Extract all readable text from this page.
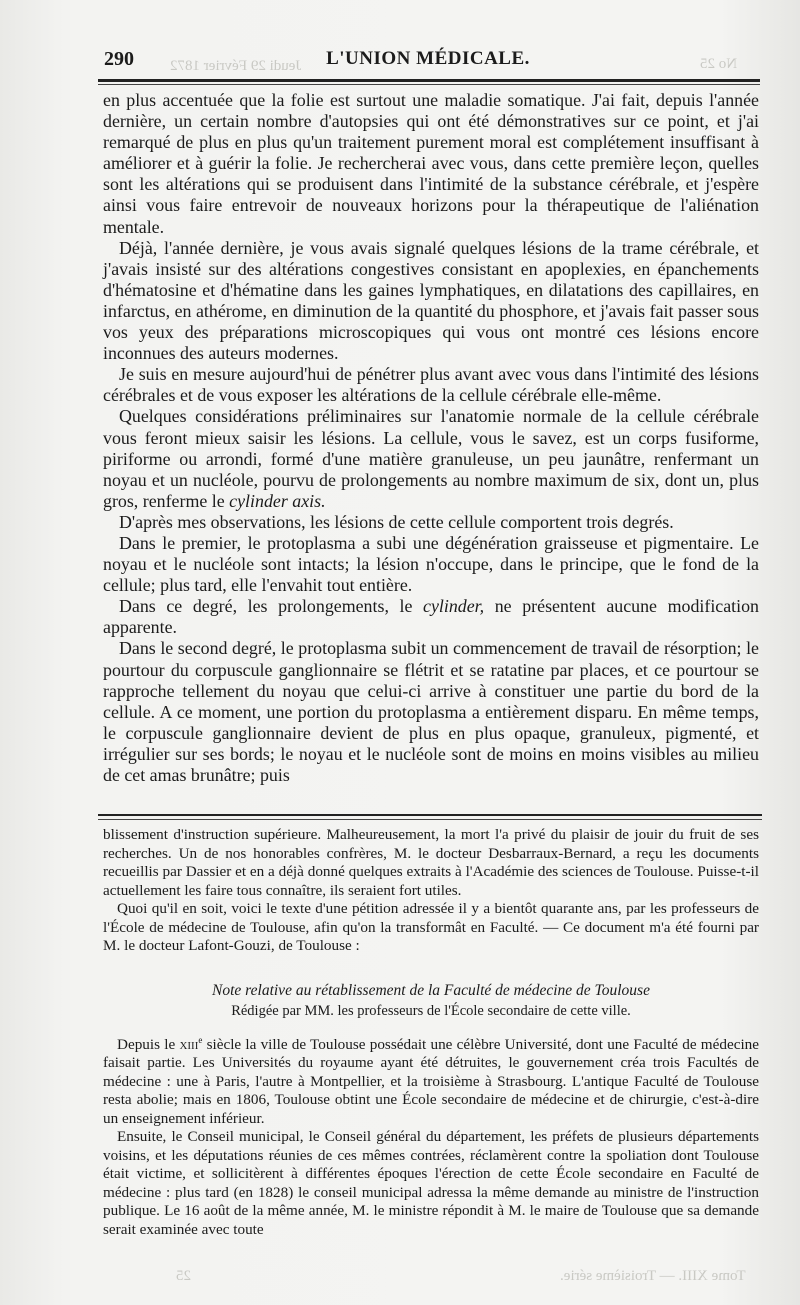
Jeudi 29 Février 1872	No 25
Tome XIII. — Troisième série.
25
290	L'UNION MÉDICALE.

en plus accentuée que la folie est surtout une maladie somatique. J'ai fait, depuis l'année dernière, un certain nombre d'autopsies qui ont été démonstratives sur ce point, et j'ai remarqué de plus en plus qu'un traitement purement moral est complétement insuffisant à améliorer et à guérir la folie. Je rechercherai avec vous, dans cette première leçon, quelles sont les altérations qui se produisent dans l'intimité de la substance cérébrale, et j'espère ainsi vous faire entrevoir de nouveaux horizons pour la thérapeutique de l'aliénation mentale.

Déjà, l'année dernière, je vous avais signalé quelques lésions de la trame cérébrale, et j'avais insisté sur des altérations congestives consistant en apoplexies, en épanchements d'hématosine et d'hématine dans les gaines lymphatiques, en dilatations des capillaires, en infarctus, en athérome, en diminution de la quantité du phosphore, et j'avais fait passer sous vos yeux des préparations microscopiques qui vous ont montré ces lésions encore inconnues des auteurs modernes.

Je suis en mesure aujourd'hui de pénétrer plus avant avec vous dans l'intimité des lésions cérébrales et de vous exposer les altérations de la cellule cérébrale elle-même.

Quelques considérations préliminaires sur l'anatomie normale de la cellule cérébrale vous feront mieux saisir les lésions. La cellule, vous le savez, est un corps fusiforme, piriforme ou arrondi, formé d'une matière granuleuse, un peu jaunâtre, renfermant un noyau et un nucléole, pourvu de prolongements au nombre maximum de six, dont un, plus gros, renferme le cylinder axis.

D'après mes observations, les lésions de cette cellule comportent trois degrés.

Dans le premier, le protoplasma a subi une dégénération graisseuse et pigmentaire. Le noyau et le nucléole sont intacts; la lésion n'occupe, dans le principe, que le fond de la cellule; plus tard, elle l'envahit tout entière.

Dans ce degré, les prolongements, le cylinder, ne présentent aucune modification apparente.

Dans le second degré, le protoplasma subit un commencement de travail de résorption; le pourtour du corpuscule ganglionnaire se flétrit et se ratatine par places, et ce pourtour se rapproche tellement du noyau que celui-ci arrive à constituer une partie du bord de la cellule. A ce moment, une portion du protoplasma a entièrement disparu. En même temps, le corpuscule ganglionnaire devient de plus en plus opaque, granuleux, pigmenté, et irrégulier sur ses bords; le noyau et le nucléole sont de moins en moins visibles au milieu de cet amas brunâtre; puis

blissement d'instruction supérieure. Malheureusement, la mort l'a privé du plaisir de jouir du fruit de ses recherches. Un de nos honorables confrères, M. le docteur Desbarraux-Bernard, a reçu les documents recueillis par Dassier et en a déjà donné quelques extraits à l'Académie des sciences de Toulouse. Puisse-t-il actuellement les faire tous connaître, ils seraient fort utiles.

Quoi qu'il en soit, voici le texte d'une pétition adressée il y a bientôt quarante ans, par les professeurs de l'École de médecine de Toulouse, afin qu'on la transformât en Faculté. — Ce document m'a été fourni par M. le docteur Lafont-Gouzi, de Toulouse :

Note relative au rétablissement de la Faculté de médecine de Toulouse

Rédigée par MM. les professeurs de l'École secondaire de cette ville.

Depuis le xiii$^e$ siècle la ville de Toulouse possédait une célèbre Université, dont une Faculté de médecine faisait partie. Les Universités du royaume ayant été détruites, le gouvernement créa trois Facultés de médecine : une à Paris, l'autre à Montpellier, et la troisième à Strasbourg. L'antique Faculté de Toulouse resta abolie; mais en 1806, Toulouse obtint une École secondaire de médecine et de chirurgie, c'est-à-dire un enseignement inférieur.

Ensuite, le Conseil municipal, le Conseil général du département, les préfets de plusieurs départements voisins, et les députations réunies de ces mêmes contrées, réclamèrent contre la spoliation dont Toulouse était victime, et sollicitèrent à différentes époques l'érection de cette École secondaire en Faculté de médecine : plus tard (en 1828) le conseil municipal adressa la même demande au ministre de l'instruction publique. Le 16 août de la même année, M. le ministre répondit à M. le maire de Toulouse que sa demande serait examinée avec toute
